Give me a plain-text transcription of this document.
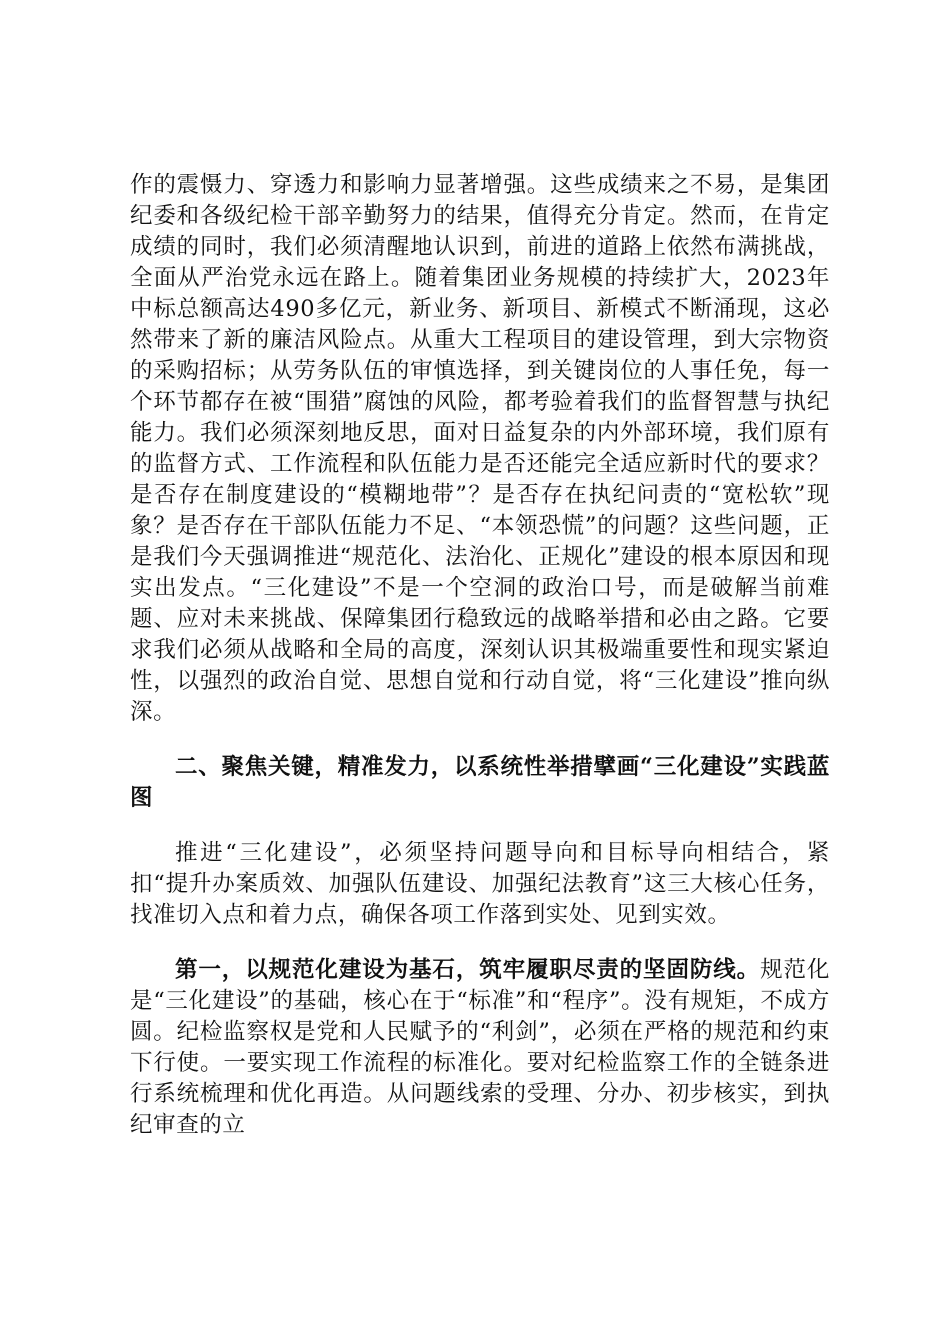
作的震慑力、穿透力和影响力显著增强。这些成绩来之不易，是集团纪委和各级纪检干部辛勤努力的结果，值得充分肯定。然而，在肯定成绩的同时，我们必须清醒地认识到，前进的道路上依然布满挑战，全面从严治党永远在路上。随着集团业务规模的持续扩大，2023年中标总额高达490多亿元，新业务、新项目、新模式不断涌现，这必然带来了新的廉洁风险点。从重大工程项目的建设管理，到大宗物资的采购招标；从劳务队伍的审慎选择，到关键岗位的人事任免，每一个环节都存在被“围猎”腐蚀的风险，都考验着我们的监督智慧与执纪能力。我们必须深刻地反思，面对日益复杂的内外部环境，我们原有的监督方式、工作流程和队伍能力是否还能完全适应新时代的要求？是否存在制度建设的“模糊地带”？是否存在执纪问责的“宽松软”现象？是否存在干部队伍能力不足、“本领恐慌”的问题？这些问题，正是我们今天强调推进“规范化、法治化、正规化”建设的根本原因和现实出发点。“三化建设”不是一个空洞的政治口号，而是破解当前难题、应对未来挑战、保障集团行稳致远的战略举措和必由之路。它要求我们必须从战略和全局的高度，深刻认识其极端重要性和现实紧迫性，以强烈的政治自觉、思想自觉和行动自觉，将“三化建设”推向纵深。

二、聚焦关键，精准发力，以系统性举措擘画“三化建设”实践蓝图

推进“三化建设”，必须坚持问题导向和目标导向相结合，紧扣“提升办案质效、加强队伍建设、加强纪法教育”这三大核心任务，找准切入点和着力点，确保各项工作落到实处、见到实效。

第一，以规范化建设为基石，筑牢履职尽责的坚固防线。规范化是“三化建设”的基础，核心在于“标准”和“程序”。没有规矩，不成方圆。纪检监察权是党和人民赋予的“利剑”，必须在严格的规范和约束下行使。一要实现工作流程的标准化。要对纪检监察工作的全链条进行系统梳理和优化再造。从问题线索的受理、分办、初步核实，到执纪审查的立
